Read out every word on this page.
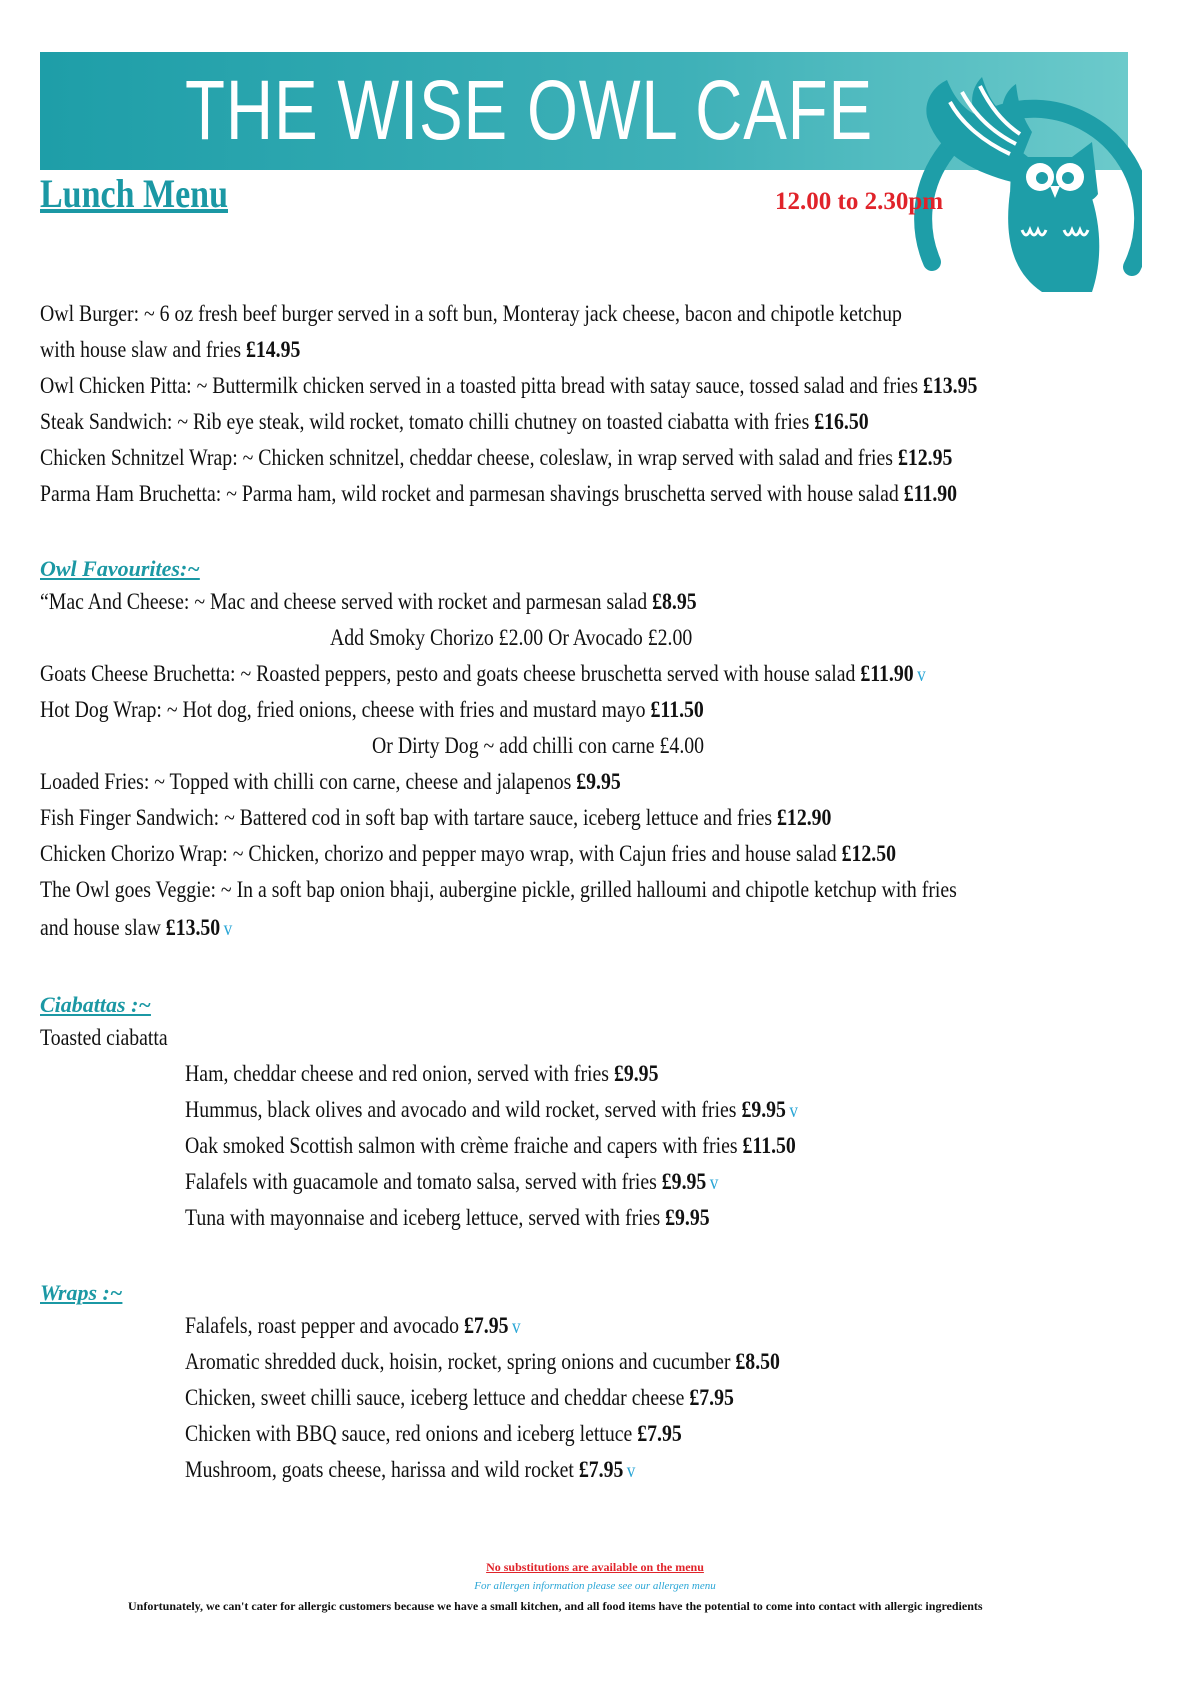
THE WISE OWL CAFE
Lunch Menu	12.00 to 2.30pm
Owl Burger: ~ 6 oz fresh beef burger served in a soft bun, Monteray jack cheese, bacon and chipotle ketchup
with house slaw and fries £14.95
Owl Chicken Pitta: ~ Buttermilk chicken served in a toasted pitta bread with satay sauce, tossed salad and fries £13.95
Steak Sandwich: ~ Rib eye steak, wild rocket, tomato chilli chutney on toasted ciabatta with fries £16.50
Chicken Schnitzel Wrap: ~ Chicken schnitzel, cheddar cheese, coleslaw, in wrap served with salad and fries £12.95
Parma Ham Bruchetta: ~ Parma ham, wild rocket and parmesan shavings bruschetta served with house salad £11.90
Owl Favourites:~
“Mac And Cheese: ~ Mac and cheese served with rocket and parmesan salad £8.95
Add Smoky Chorizo £2.00 Or Avocado £2.00
Goats Cheese Bruchetta: ~ Roasted peppers, pesto and goats cheese bruschetta served with house salad £11.90 v
Hot Dog Wrap: ~ Hot dog, fried onions, cheese with fries and mustard mayo £11.50
Or Dirty Dog ~ add chilli con carne £4.00
Loaded Fries: ~ Topped with chilli con carne, cheese and jalapenos £9.95
Fish Finger Sandwich: ~ Battered cod in soft bap with tartare sauce, iceberg lettuce and fries £12.90
Chicken Chorizo Wrap: ~ Chicken, chorizo and pepper mayo wrap, with Cajun fries and house salad £12.50
The Owl goes Veggie: ~ In a soft bap onion bhaji, aubergine pickle, grilled halloumi and chipotle ketchup with fries
and house slaw £13.50 v
Ciabattas :~
Toasted ciabatta
Ham, cheddar cheese and red onion, served with fries £9.95
Hummus, black olives and avocado and wild rocket, served with fries £9.95 v
Oak smoked Scottish salmon with crème fraiche and capers with fries £11.50
Falafels with guacamole and tomato salsa, served with fries £9.95 v
Tuna with mayonnaise and iceberg lettuce, served with fries £9.95
Wraps :~
Falafels, roast pepper and avocado £7.95 v
Aromatic shredded duck, hoisin, rocket, spring onions and cucumber £8.50
Chicken, sweet chilli sauce, iceberg lettuce and cheddar cheese £7.95
Chicken with BBQ sauce, red onions and iceberg lettuce £7.95
Mushroom, goats cheese, harissa and wild rocket £7.95 v
No substitutions are available on the menu
For allergen information please see our allergen menu
Unfortunately, we can't cater for allergic customers because we have a small kitchen, and all food items have the potential to come into contact with allergic ingredients
